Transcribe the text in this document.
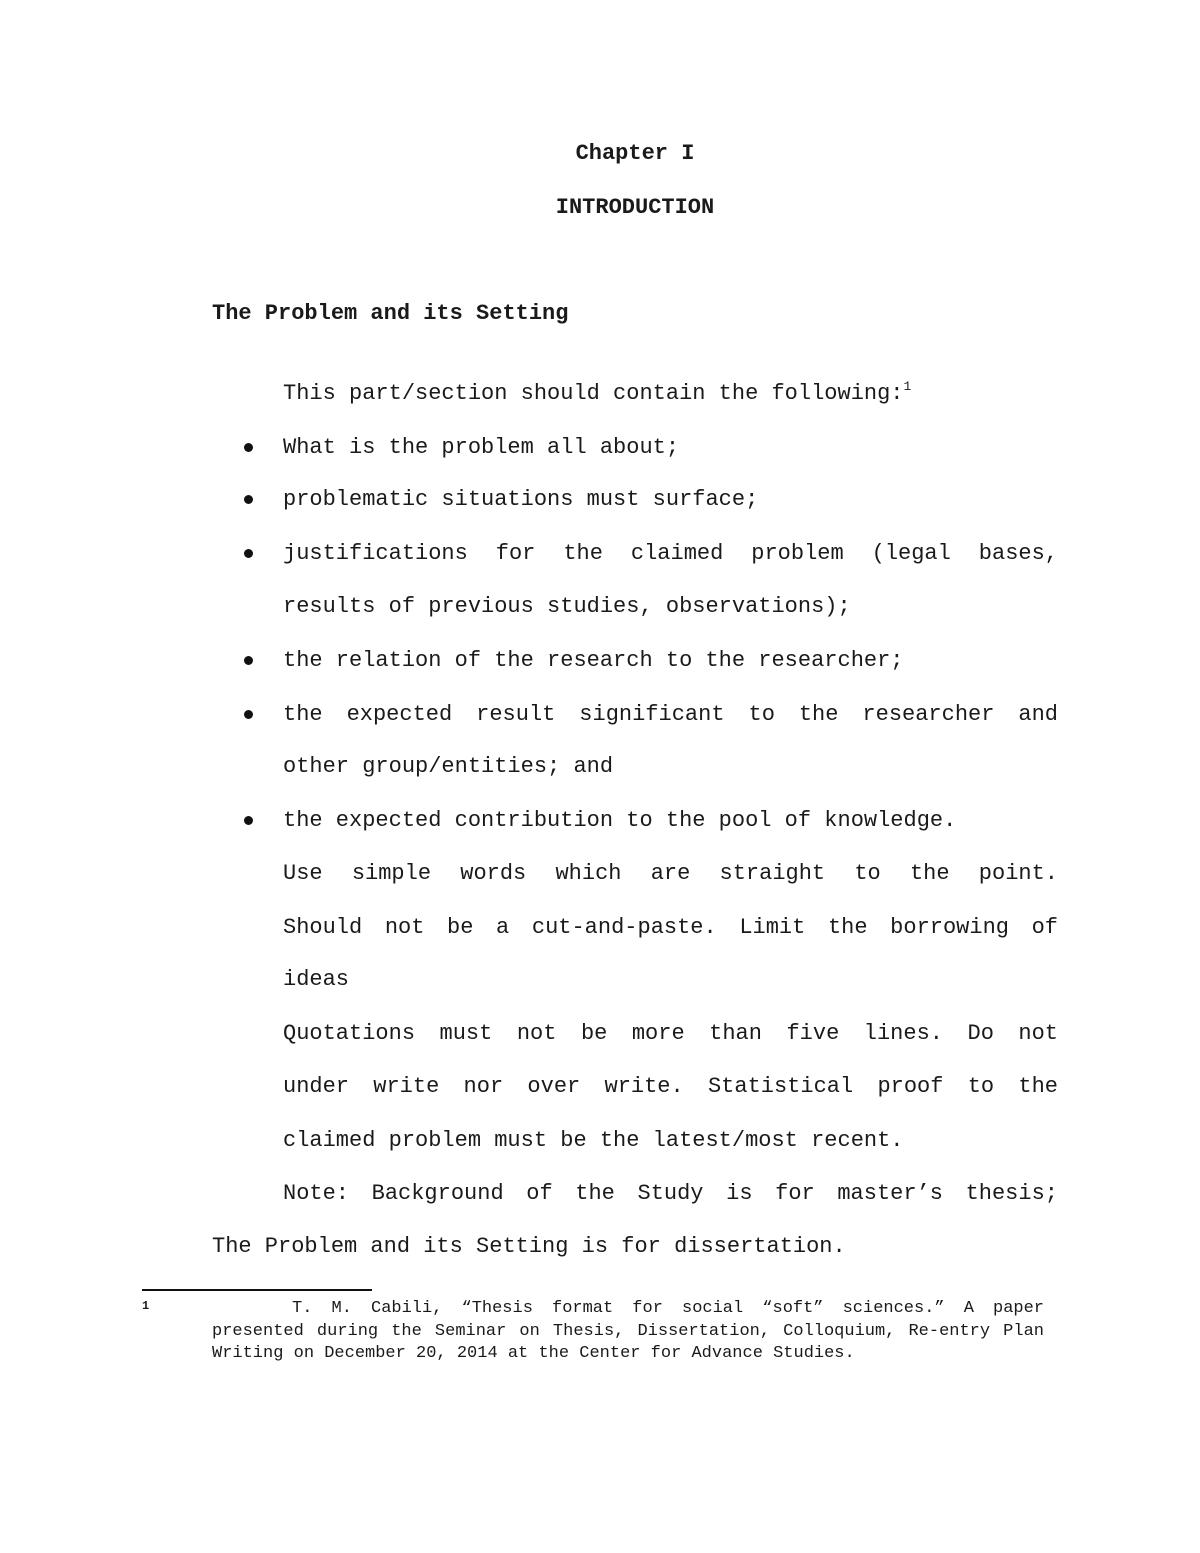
Chapter I
INTRODUCTION
The Problem and its Setting
This part/section should contain the following:$^1$
What is the problem all about;
problematic situations must surface;
justifications for the claimed problem (legal bases,
results of previous studies, observations);
the relation of the research to the researcher;
the expected result significant to the researcher and
other group/entities; and
the expected contribution to the pool of knowledge.
Use simple words which are straight to the point.
Should not be a cut-and-paste. Limit the borrowing of
ideas
Quotations must not be more than five lines. Do not
under write nor over write. Statistical proof to the
claimed problem must be the latest/most recent.
Note: Background of the Study is for master’s thesis;
The Problem and its Setting is for dissertation.
1	T. M. Cabili, “Thesis format for social “soft” sciences.” A paper presented during the Seminar on Thesis, Dissertation, Colloquium, Re-entry Plan Writing on December 20, 2014 at the Center for Advance Studies.
